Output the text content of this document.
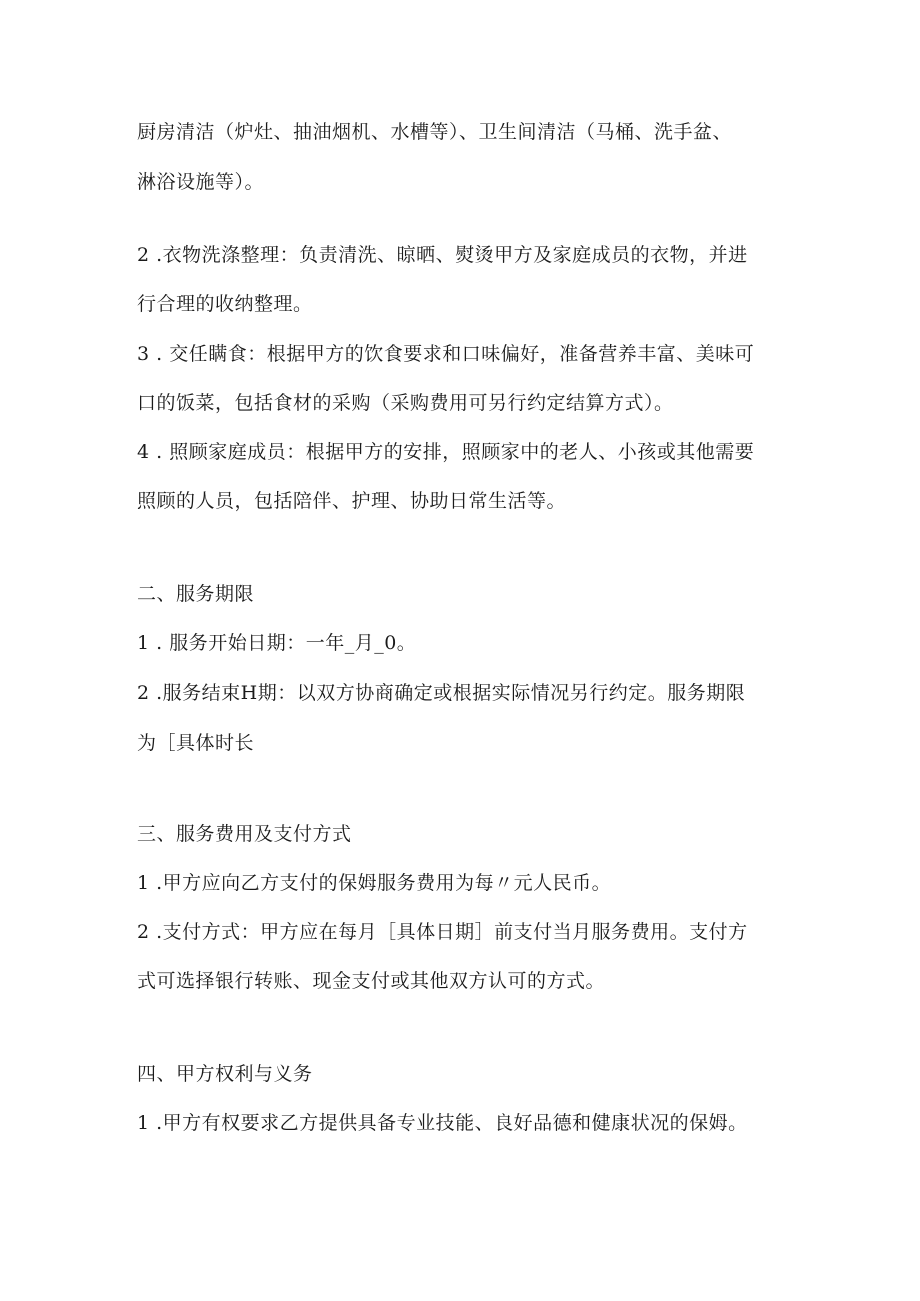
厨房清洁（炉灶、抽油烟机、水槽等）、卫生间清洁（马桶、洗手盆、
淋浴设施等）。
2 .衣物洗涤整理：负责清洗、晾晒、熨烫甲方及家庭成员的衣物，并进
行合理的收纳整理。
3 . 交任瞒食：根据甲方的饮食要求和口味偏好，准备营养丰富、美味可
口的饭菜，包括食材的采购（采购费用可另行约定结算方式）。
4 . 照顾家庭成员：根据甲方的安排，照顾家中的老人、小孩或其他需要
照顾的人员，包括陪伴、护理、协助日常生活等。
二、服务期限
1 . 服务开始日期：一年_月_0。
2 .服务结束H期：以双方协商确定或根据实际情况另行约定。服务期限
为［具体时长
三、服务费用及支付方式
1 .甲方应向乙方支付的保姆服务费用为每〃元人民币。
2 .支付方式：甲方应在每月［具体日期］前支付当月服务费用。支付方
式可选择银行转账、现金支付或其他双方认可的方式。
四、甲方权利与义务
1 .甲方有权要求乙方提供具备专业技能、良好品德和健康状况的保姆。
